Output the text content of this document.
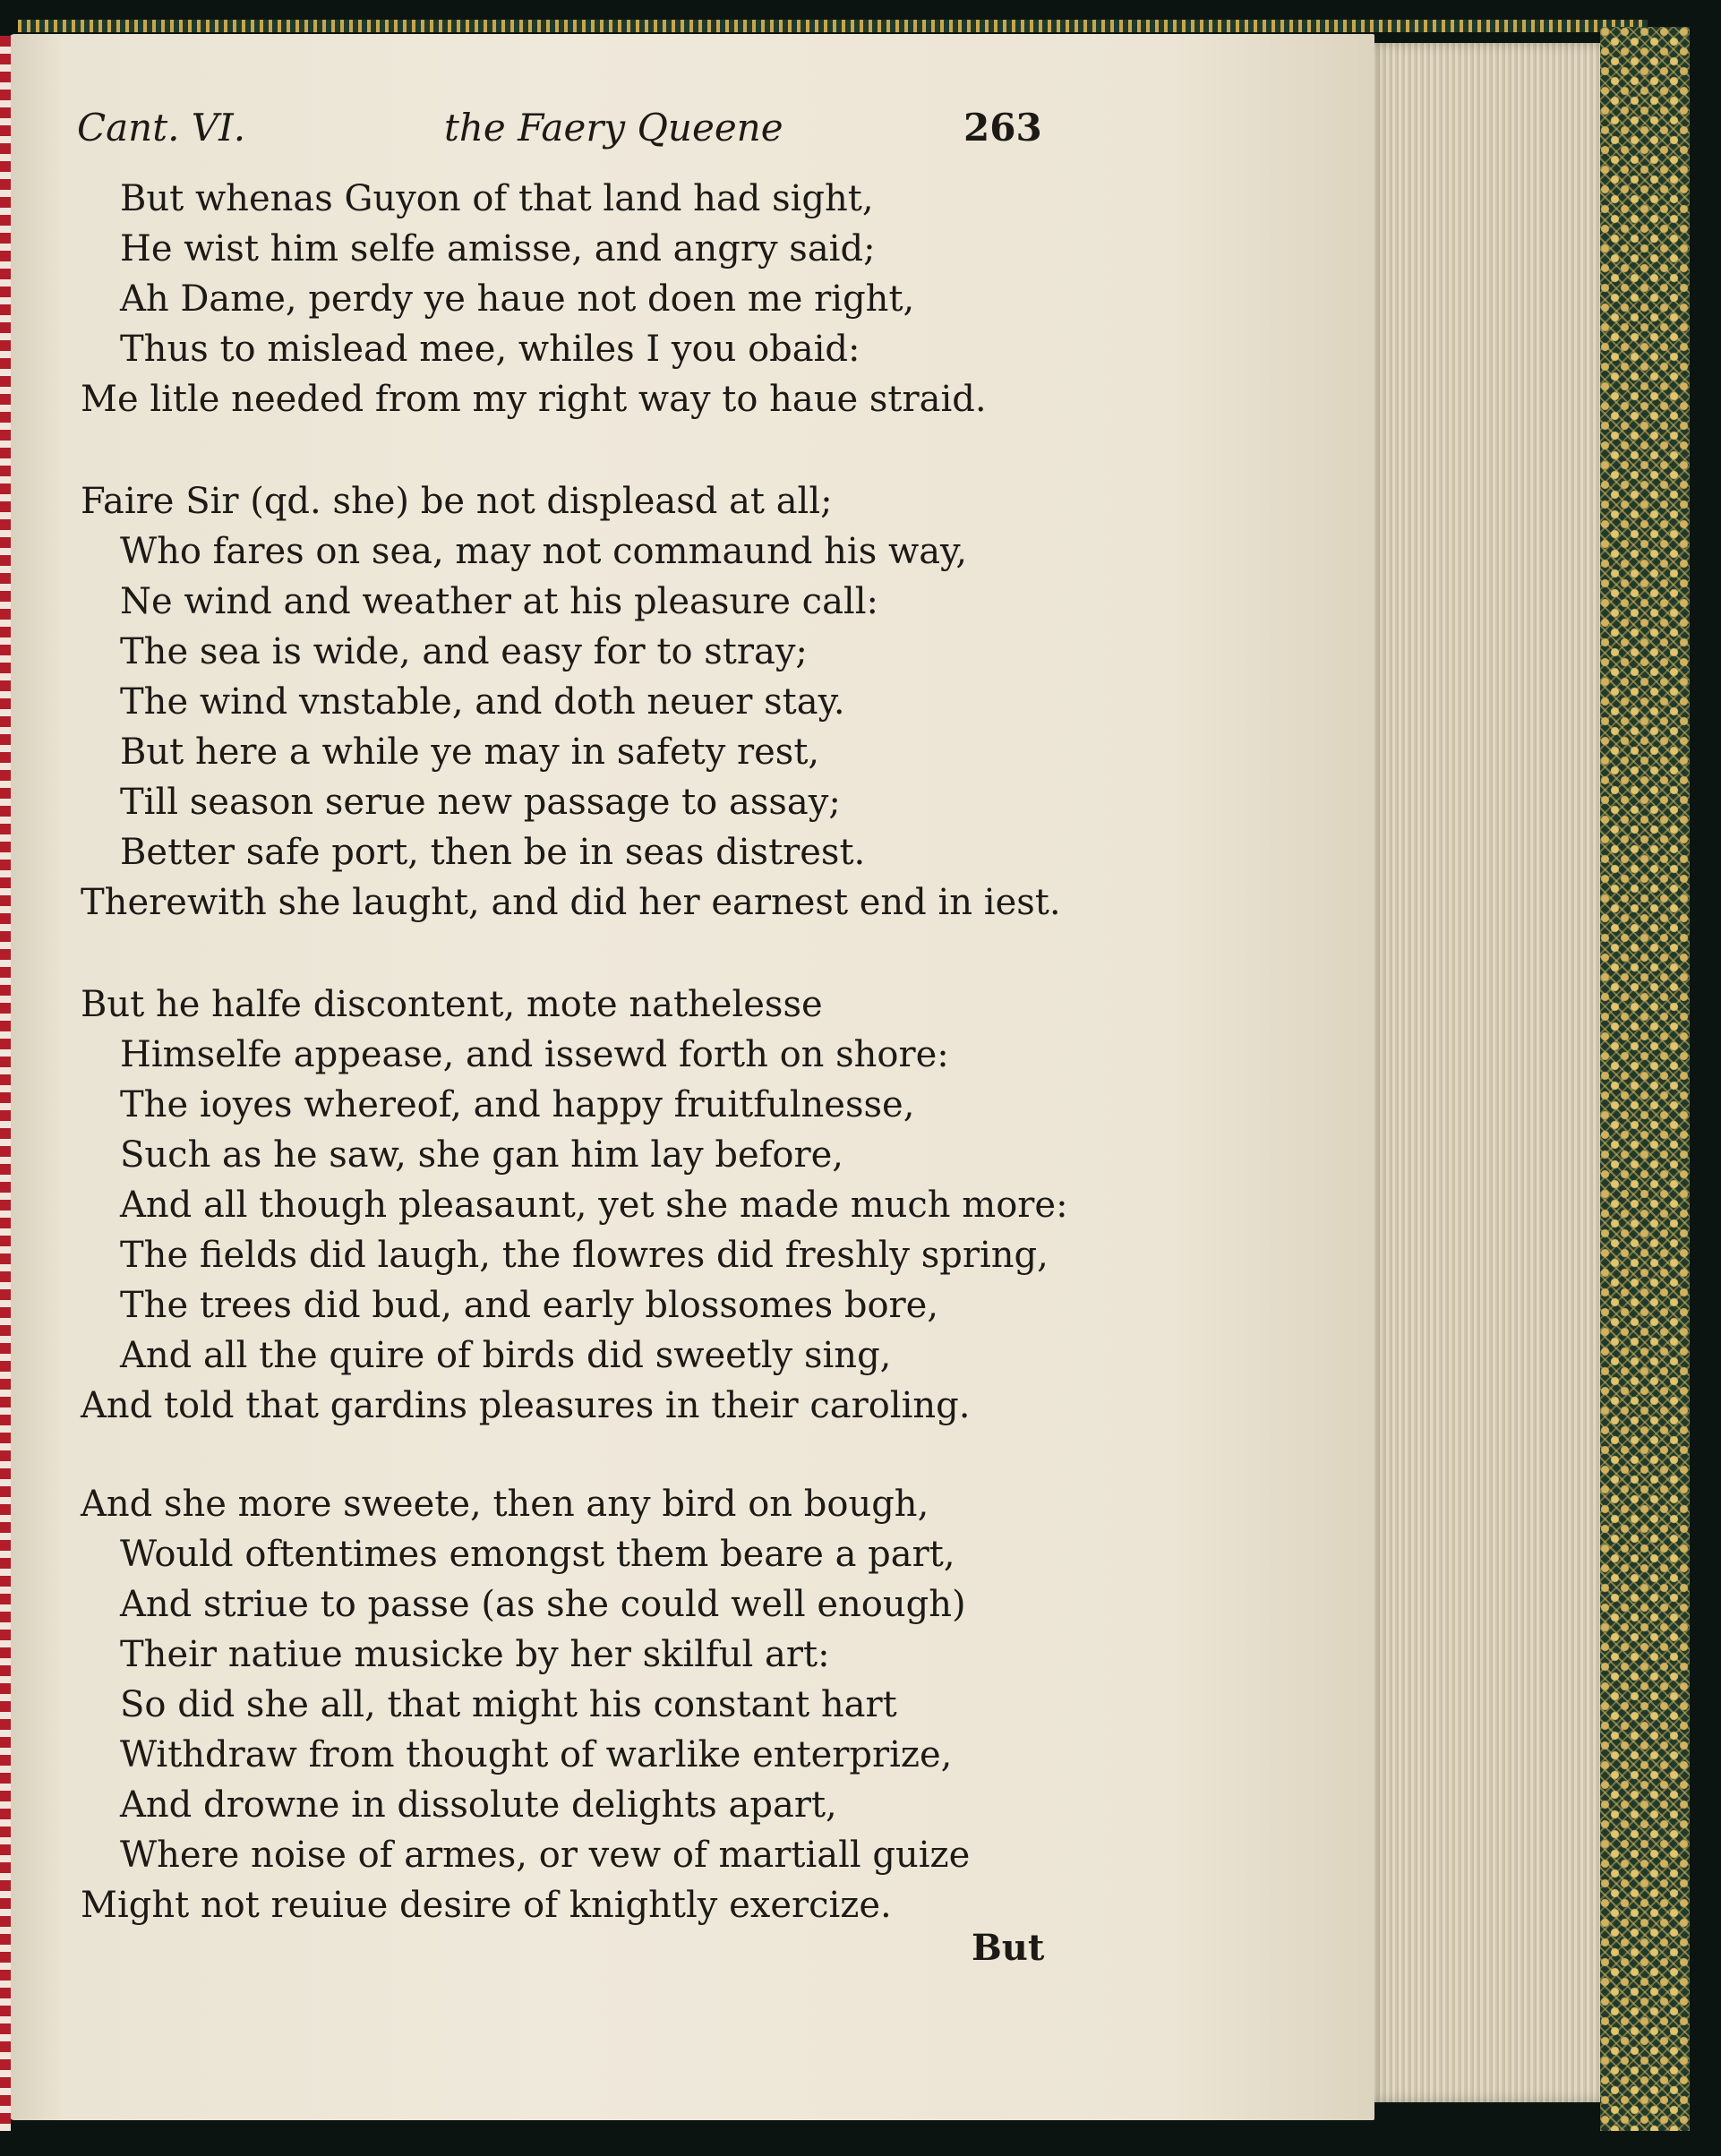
Cant. VI.	the Faery Queene	263
But whenas Guyon of that land had sight,
He wist him selfe amisse, and angry said;
Ah Dame, perdy ye haue not doen me right,
Thus to mislead mee, whiles I you obaid:
Me litle needed from my right way to haue straid.
Faire Sir (qd. she) be not displeasd at all;
Who fares on sea, may not commaund his way,
Ne wind and weather at his pleasure call:
The sea is wide, and easy for to stray;
The wind vnstable, and doth neuer stay.
But here a while ye may in safety rest,
Till season serue new passage to assay;
Better safe port, then be in seas distrest.
Therewith she laught, and did her earnest end in iest.
But he halfe discontent, mote nathelesse
Himselfe appease, and issewd forth on shore:
The ioyes whereof, and happy fruitfulnesse,
Such as he saw, she gan him lay before,
And all though pleasaunt, yet she made much more:
The fields did laugh, the flowres did freshly spring,
The trees did bud, and early blossomes bore,
And all the quire of birds did sweetly sing,
And told that gardins pleasures in their caroling.
And she more sweete, then any bird on bough,
Would oftentimes emongst them beare a part,
And striue to passe (as she could well enough)
Their natiue musicke by her skilful art:
So did she all, that might his constant hart
Withdraw from thought of warlike enterprize,
And drowne in dissolute delights apart,
Where noise of armes, or vew of martiall guize
Might not reuiue desire of knightly exercize.
But
